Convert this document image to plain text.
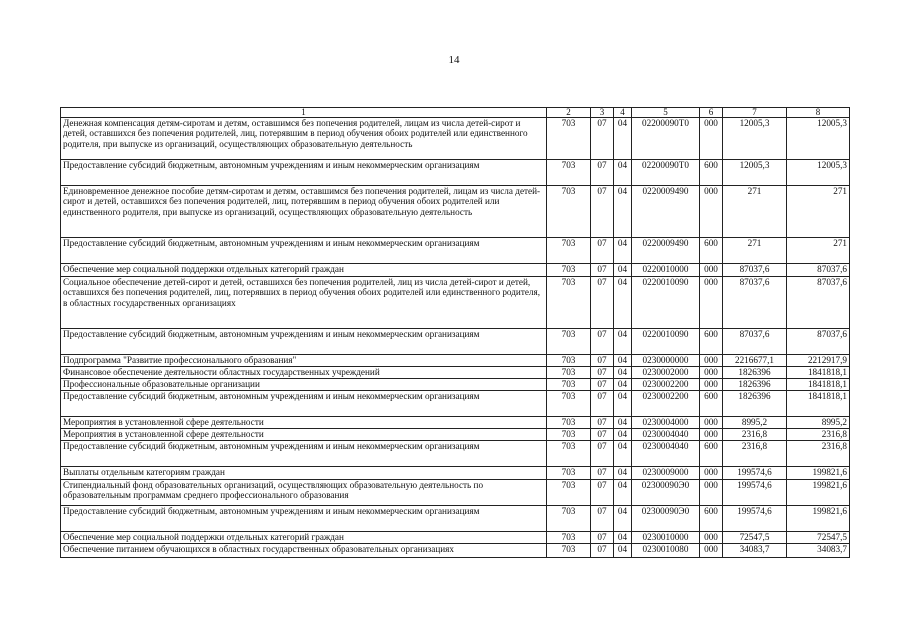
14
1	2	3	4	5	6	7	8
Денежная компенсация детям-сиротам и детям, оставшимся без попечения родителей, лицам из числа детей-сирот и детей, оставшихся без попечения родителей, лиц, потерявшим в период обучения обоих родителей или единственного родителя, при выпуске из организаций, осуществляющих образовательную деятельность	703	07	04	02200090Т0	000	12005,3	12005,3
Предоставление субсидий бюджетным, автономным учреждениям и иным некоммерческим организациям	703	07	04	02200090Т0	600	12005,3	12005,3
Единовременное денежное пособие детям-сиротам и детям, оставшимся без попечения родителей, лицам из числа детей-сирот и детей, оставшихся без попечения родителей, лиц, потерявшим в период обучения обоих родителей или единственного родителя, при выпуске из организаций, осуществляющих образовательную деятельность	703	07	04	0220009490	000	271	271
Предоставление субсидий бюджетным, автономным учреждениям и иным некоммерческим организациям	703	07	04	0220009490	600	271	271
Обеспечение мер социальной поддержки отдельных категорий граждан	703	07	04	0220010000	000	87037,6	87037,6
Социальное обеспечение детей-сирот и детей, оставшихся без попечения родителей, лиц из числа детей-сирот и детей, оставшихся без попечения родителей, лиц, потерявших в период обучения обоих родителей или единственного родителя, в областных государственных организациях	703	07	04	0220010090	000	87037,6	87037,6
Предоставление субсидий бюджетным, автономным учреждениям и иным некоммерческим организациям	703	07	04	0220010090	600	87037,6	87037,6
Подпрограмма "Развитие профессионального образования"	703	07	04	0230000000	000	2216677,1	2212917,9
Финансовое обеспечение деятельности областных государственных учреждений	703	07	04	0230002000	000	1826396	1841818,1
Профессиональные образовательные организации	703	07	04	0230002200	000	1826396	1841818,1
Предоставление субсидий бюджетным, автономным учреждениям и иным некоммерческим организациям	703	07	04	0230002200	600	1826396	1841818,1
Мероприятия в установленной сфере деятельности	703	07	04	0230004000	000	8995,2	8995,2
Мероприятия в установленной сфере деятельности	703	07	04	0230004040	000	2316,8	2316,8
Предоставление субсидий бюджетным, автономным учреждениям и иным некоммерческим организациям	703	07	04	0230004040	600	2316,8	2316,8
Выплаты отдельным категориям граждан	703	07	04	0230009000	000	199574,6	199821,6
Стипендиальный фонд образовательных организаций, осуществляющих образовательную деятельность по образовательным программам среднего профессионального образования	703	07	04	02300090Э0	000	199574,6	199821,6
Предоставление субсидий бюджетным, автономным учреждениям и иным некоммерческим организациям	703	07	04	02300090Э0	600	199574,6	199821,6
Обеспечение мер социальной поддержки отдельных категорий граждан	703	07	04	0230010000	000	72547,5	72547,5
Обеспечение питанием обучающихся в областных государственных образовательных организациях	703	07	04	0230010080	000	34083,7	34083,7
